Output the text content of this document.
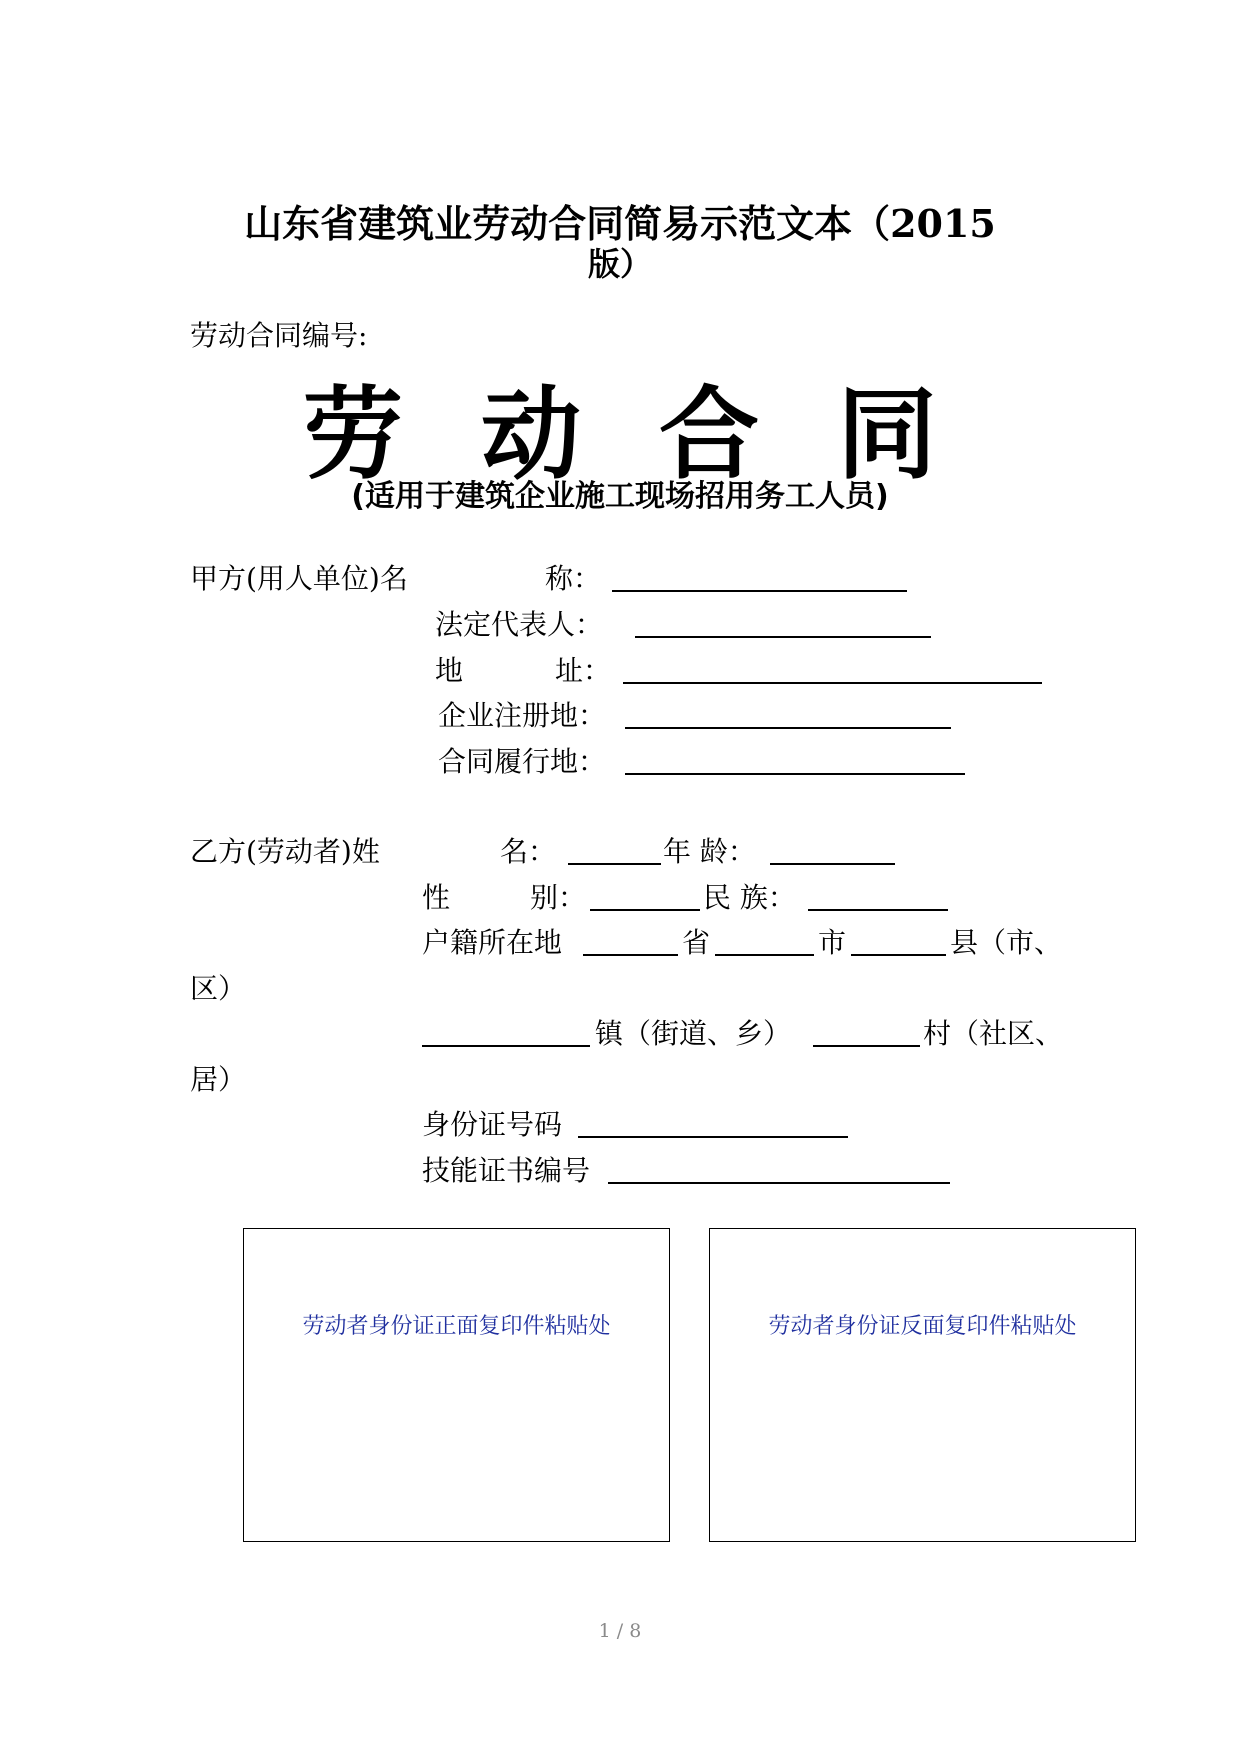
山东省建筑业劳动合同简易示范文本（2015
版）
劳动合同编号:
劳 动 合 同
(适用于建筑企业施工现场招用务工人员)
甲方(用人单位)名	称：
法定代表人：
地	址：
企业注册地：
合同履行地：
乙方(劳动者)姓	名：	年 龄：
性	别：	民 族：
户籍所在地	省	市	县（市、
区）
镇（街道、乡）	村（社区、
居）
身份证号码
技能证书编号
劳动者身份证正面复印件粘贴处	劳动者身份证反面复印件粘贴处
1 / 8
